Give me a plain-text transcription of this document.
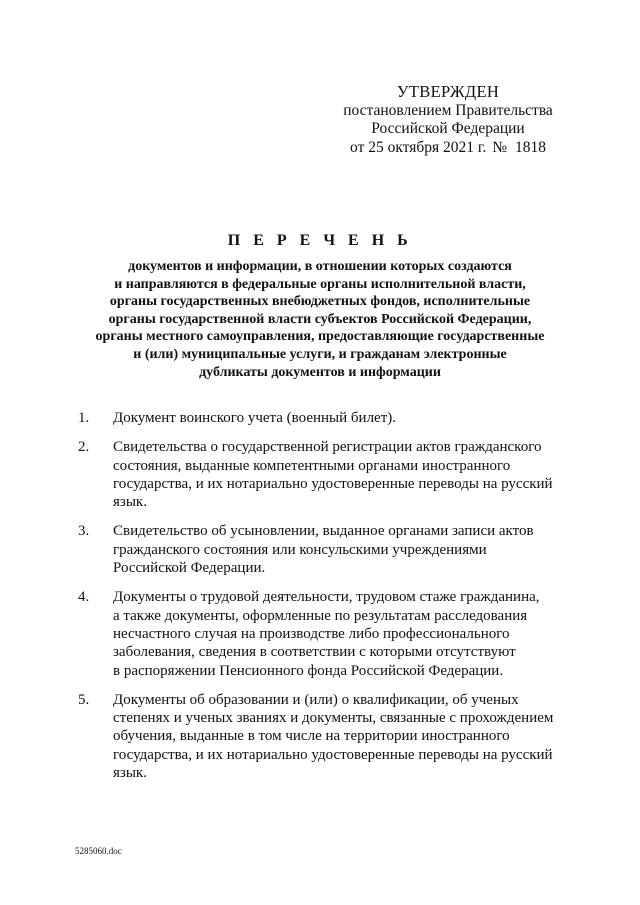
УТВЕРЖДЕН
постановлением Правительства
Российской Федерации
от 25 октября 2021 г. №  1818
П Е Р Е Ч Е Н Ь
документов и информации, в отношении которых создаются
и направляются в федеральные органы исполнительной власти,
органы государственных внебюджетных фондов, исполнительные
органы государственной власти субъектов Российской Федерации,
органы местного самоуправления, предоставляющие государственные
и (или) муниципальные услуги, и гражданам электронные
дубликаты документов и информации
1.	Документ воинского учета (военный билет).
2.	Свидетельства о государственной регистрации актов гражданского
состояния, выданные компетентными органами иностранного
государства, и их нотариально удостоверенные переводы на русский
язык.
3.	Свидетельство об усыновлении, выданное органами записи актов
гражданского состояния или консульскими учреждениями
Российской Федерации.
4.	Документы о трудовой деятельности, трудовом стаже гражданина,
а также документы, оформленные по результатам расследования
несчастного случая на производстве либо профессионального
заболевания, сведения в соответствии с которыми отсутствуют
в распоряжении Пенсионного фонда Российской Федерации.
5.	Документы об образовании и (или) о квалификации, об ученых
степенях и ученых званиях и документы, связанные с прохождением
обучения, выданные в том числе на территории иностранного
государства, и их нотариально удостоверенные переводы на русский
язык.
5285060.doc
